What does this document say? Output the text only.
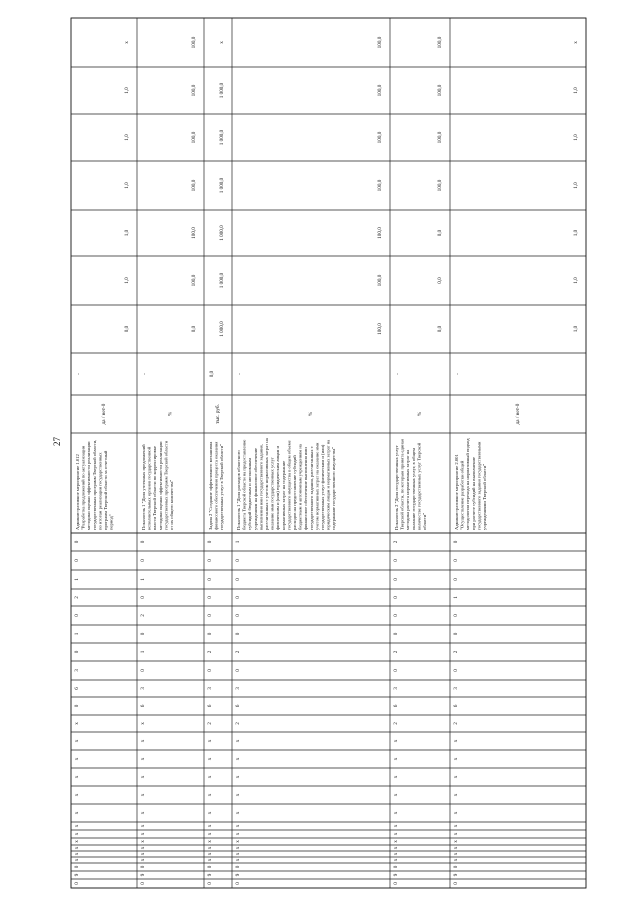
27
0
9
0
x
x
x
x
x
x
x
x
x
x
x
x
0
6
3
0
1
0
2
1
0
0
Административное мероприятие 1.012"Разработка предложений по актуализацииметодики оценки эффективности реализациигосударственных программ Тверской области,по итогам реализации государственныхпрограмм Тверской области за отчетныйпериод"
да / нет-0
-
0,0
1,0
1,0
1,0
1,0
1,0
x
0
9
0
x
x
x
x
x
x
x
x
x
x
x
x
6
3
0
1
0
2
0
1
0
0
Показатель 1 "Доля учтенных предложенийисполнительных органов государственнойвласти Тверской области по корректировкеметодики оценки эффективности реализациигосударственных программ Тверской областиот их общего количества"
%
-
0,0
100,0
100,0
100,0
100,0
100,0
100,0
0
9
0
x
x
x
x
x
x
x
x
x
x
x
2
6
3
0
2
0
0
0
0
0
0
Задача 2 "Создание эффективного механизмафинансового обеспечения процесса оказаниягосударственных услуг в Тверской области"
тыс. руб.
0,0
1 000,0
1 000,0
1 000,0
1 000,0
1 000,0
1 000,0
x
0
9
0
x
x
x
x
x
x
x
x
x
x
x
2
6
3
0
2
0
0
0
0
0
1
Показатель 1 "Доля расходов областногобюджета Тверской области на предоставлениесубсидий бюджетным и автономнымучреждениям на финансовое обеспечениевыполнения ими государственного задания,рассчитанных с учетом нормативных затрат наоказание ими государственных услугфизическим и (или) юридическим лицам инормативных затрат на содержаниегосударственного имущества в общем объемерасходов на предоставление субсидийбюджетным и автономным учреждениям нафинансовое обеспечение выполнения имигосударственного задания, рассчитанных сучетом нормативных затрат на оказание имигосударственных услуг физическим и (или)юридическим лицам и нормативных затрат насодержание государственного имущества"
%
-
100,0
100,0
100,0
100,0
100,0
100,0
100,0
0
9
0
x
x
x
x
x
x
x
x
x
x
x
2
6
3
0
2
0
0
0
0
0
2
Показатель 2 "Доля государственных услугТверской области, по которым принята единаяметодика расчета нормативных затрат наоказание государственных услуг, в общемколичестве государственных услуг Тверскойобласти"
%
-
0,0
0,0
0,0
100,0
100,0
100,0
100,0
0
9
0
x
x
x
x
x
x
x
x
x
x
x
2
6
3
0
2
0
0
1
0
0
0
Административное мероприятие 2.001"Осуществление разработки общейметодологии перехода на нормативный подходпри расчете субсидий на выполнениегосударственного задания государственнымиучреждениями Тверской области"
да / нет-0
-
1,0
1,0
1,0
1,0
1,0
1,0
x
